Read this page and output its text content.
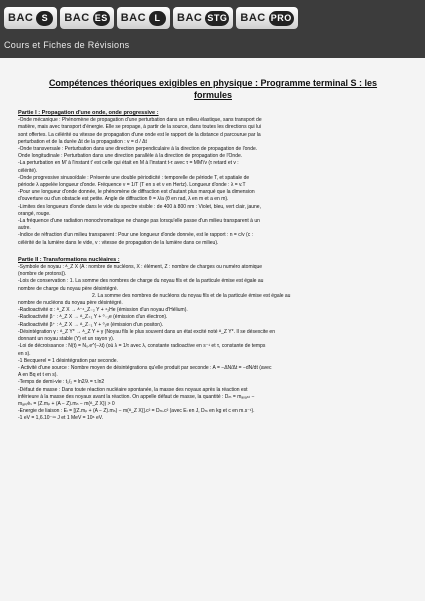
BAC S	BAC ES BAC L	BAC STG BAC PRO
Cours et Fiches de Révisions
Compétences théoriques exigibles en physique : Programme terminal S : les formules
Partie I : Propagation d'une onde, onde progressive :
-Onde mécanique : Phénomène de propagation d'une perturbation dans un milieu élastique, sans transport de
matière, mais avec transport d'énergie. Elle se propage, à partir de la source, dans toutes les directions qui lui
sont offertes. La célérité ou vitesse de propagation d'une onde est le rapport de la distance d parcourue par la
perturbation et de la durée Δt de la propagation : v = d / Δt
-Onde transversale : Perturbation dans une direction perpendiculaire à la direction de propagation de l'onde.
Onde longitudinale : Perturbation dans une direction parallèle à la direction de propagation de l'Onde.
-La perturbation en M' à l'instant t' est celle qui était en M à l'instant t-τ avec τ = MM'/v (τ retard et v :
célérité).
-Onde progressive sinusoïdale : Présente une double périodicité : temporelle de période T, et spatiale de
période λ appelée longueur d'onde. Fréquence ν = 1/T (T en s et ν en Hertz). Longueur d'onde : λ = v.T
-Pour une longueur d'onde donnée, le phénomène de diffraction est d'autant plus marqué que la dimension
d'ouverture ou d'un obstacle est petite. Angle de diffraction θ = λ/a (θ en rad, λ en m et a en m).
-Limites des longueurs d'onde dans le vide du spectre visible : de 400 à 800 nm : Violet, bleu, vert clair, jaune,
orangé, rouge.
-La fréquence d'une radiation monochromatique ne change pas lorsqu'elle passe d'un milieu transparent à un
autre.
-Indice de réfraction d'un milieu transparent : Pour une longueur d'onde donnée, est le rapport : n = c/v (c :
célérité de la lumière dans le vide, v : vitesse de propagation de la lumière dans ce milieu).
Partie II : Transformations nucléaires :
-Symbole de noyau : ᴬ_Z X (A : nombre de nucléons, X : élément, Z : nombre de charges ou numéro atomique
(nombre de protons)).
-Lois de conservation : 1. La somme des nombres de charge du noyau fils et de la particule émise est égale au
nombre de charge du noyau père désintégré.
2. La somme des nombres de nucléons du noyau fils et de la particule émise est égale au
nombre de nucléons du noyau père désintégré.
-Radioactivité α : ᴬ_Z X → ᴬ⁻⁴_Z₋₂ Y + ⁴₂He (émission d'un noyau d'Hélium).
-Radioactivité β⁻ : ᴬ_Z X → ᴬ_Z₊₁ Y + ⁰₋₁e (émission d'un électron).
-Radioactivité β⁺ : ᴬ_Z X → ᴬ_Z₋₁ Y + ⁰₁e (émission d'un positon).
-Désintégration γ : ᴬ_Z Y* → ᴬ_Z Y + γ (Noyau fils le plus souvent dans un état excité noté ᴬ_Z Y*. Il se désexcite en
donnant un noyau stable (Y) et un rayon γ).
-Loi de décroissance : N(t) = N₀.e^(−λt) (où λ = 1/τ avec λ, constante radioactive en s⁻¹ et τ, constante de temps
en s).
-1 Becquerel = 1 désintégration par seconde.
- Activité d'une source : Nombre moyen de désintégrations qu'elle produit par seconde : A = −ΔN/Δt = −dN/dt (avec
A en Bq et t en s).
-Temps de demi-vie : t₁/₂ = ln2/λ = τ.ln2
-Défaut de masse : Dans toute réaction nucléaire spontanée, la masse des noyaux après la réaction est
inférieure à la masse des noyaux avant la réaction. On appelle défaut de masse, la quantité : Dₘ = mₐᵥₐₙₜ −
mₐₚᵣèₛ = (Z.mₚ + (A − Z).mₙ − m(ᴬ_Z X)) > 0
-Energie de liaison : Eₗ = [(Z.mₚ + (A − Z).mₙ) − m(ᴬ_Z X)].c² = Dₘ.c² (avec Eₗ en J, Dₘ en kg et c en m.s⁻¹).
-1 eV = 1,6.10⁻¹⁹ J et 1 MeV = 10⁶ eV.
